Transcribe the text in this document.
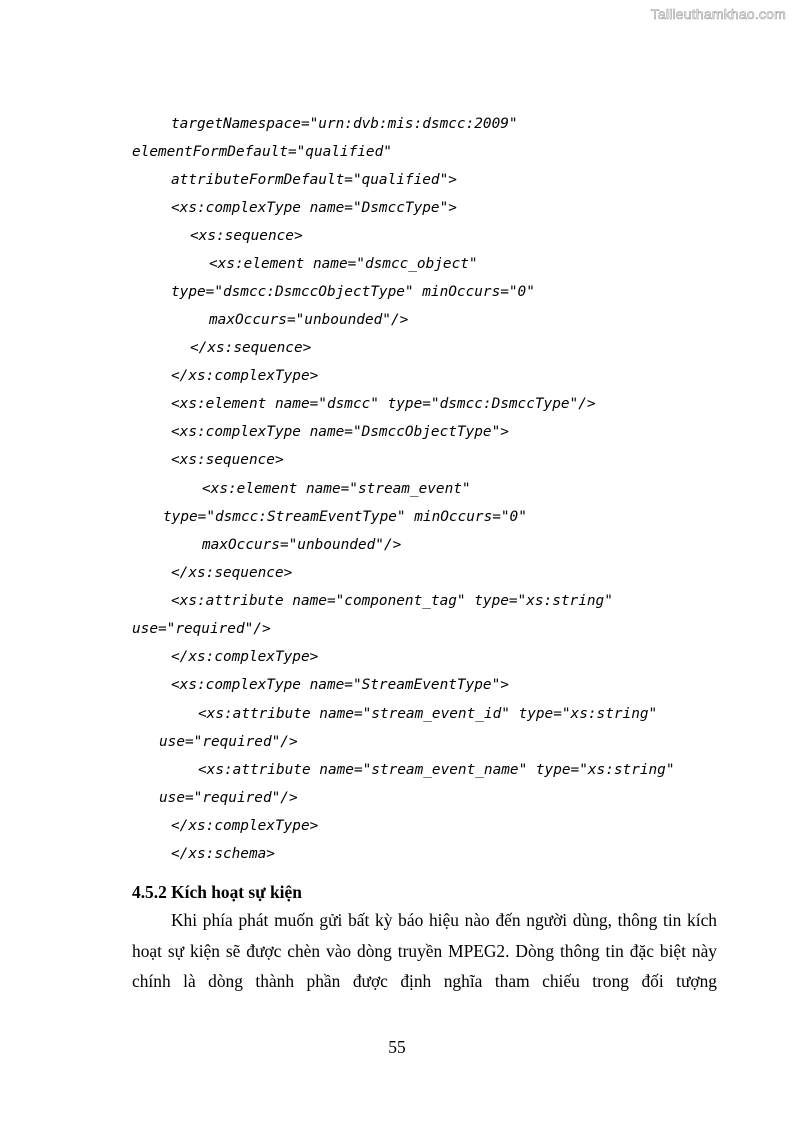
Tailieuthamkhao.com
targetNamespace="urn:dvb:mis:dsmcc:2009"
elementFormDefault="qualified"
attributeFormDefault="qualified">
<xs:complexType name="DsmccType">
<xs:sequence>
<xs:element name="dsmcc_object"
type="dsmcc:DsmccObjectType" minOccurs="0"
maxOccurs="unbounded"/>
</xs:sequence>
</xs:complexType>
<xs:element name="dsmcc" type="dsmcc:DsmccType"/>
<xs:complexType name="DsmccObjectType">
<xs:sequence>
<xs:element name="stream_event"
type="dsmcc:StreamEventType" minOccurs="0"
maxOccurs="unbounded"/>
</xs:sequence>
<xs:attribute name="component_tag" type="xs:string"
use="required"/>
</xs:complexType>
<xs:complexType name="StreamEventType">
<xs:attribute name="stream_event_id" type="xs:string"
use="required"/>
<xs:attribute name="stream_event_name" type="xs:string"
use="required"/>
</xs:complexType>
</xs:schema>
4.5.2 Kích hoạt sự kiện
Khi phía phát muốn gửi bất kỳ báo hiệu nào đến người dùng, thông tin kích
hoạt sự kiện sẽ được chèn vào dòng truyền MPEG2. Dòng thông tin đặc biệt này
chính là dòng thành phần được định nghĩa tham chiếu trong đối tượng
55
